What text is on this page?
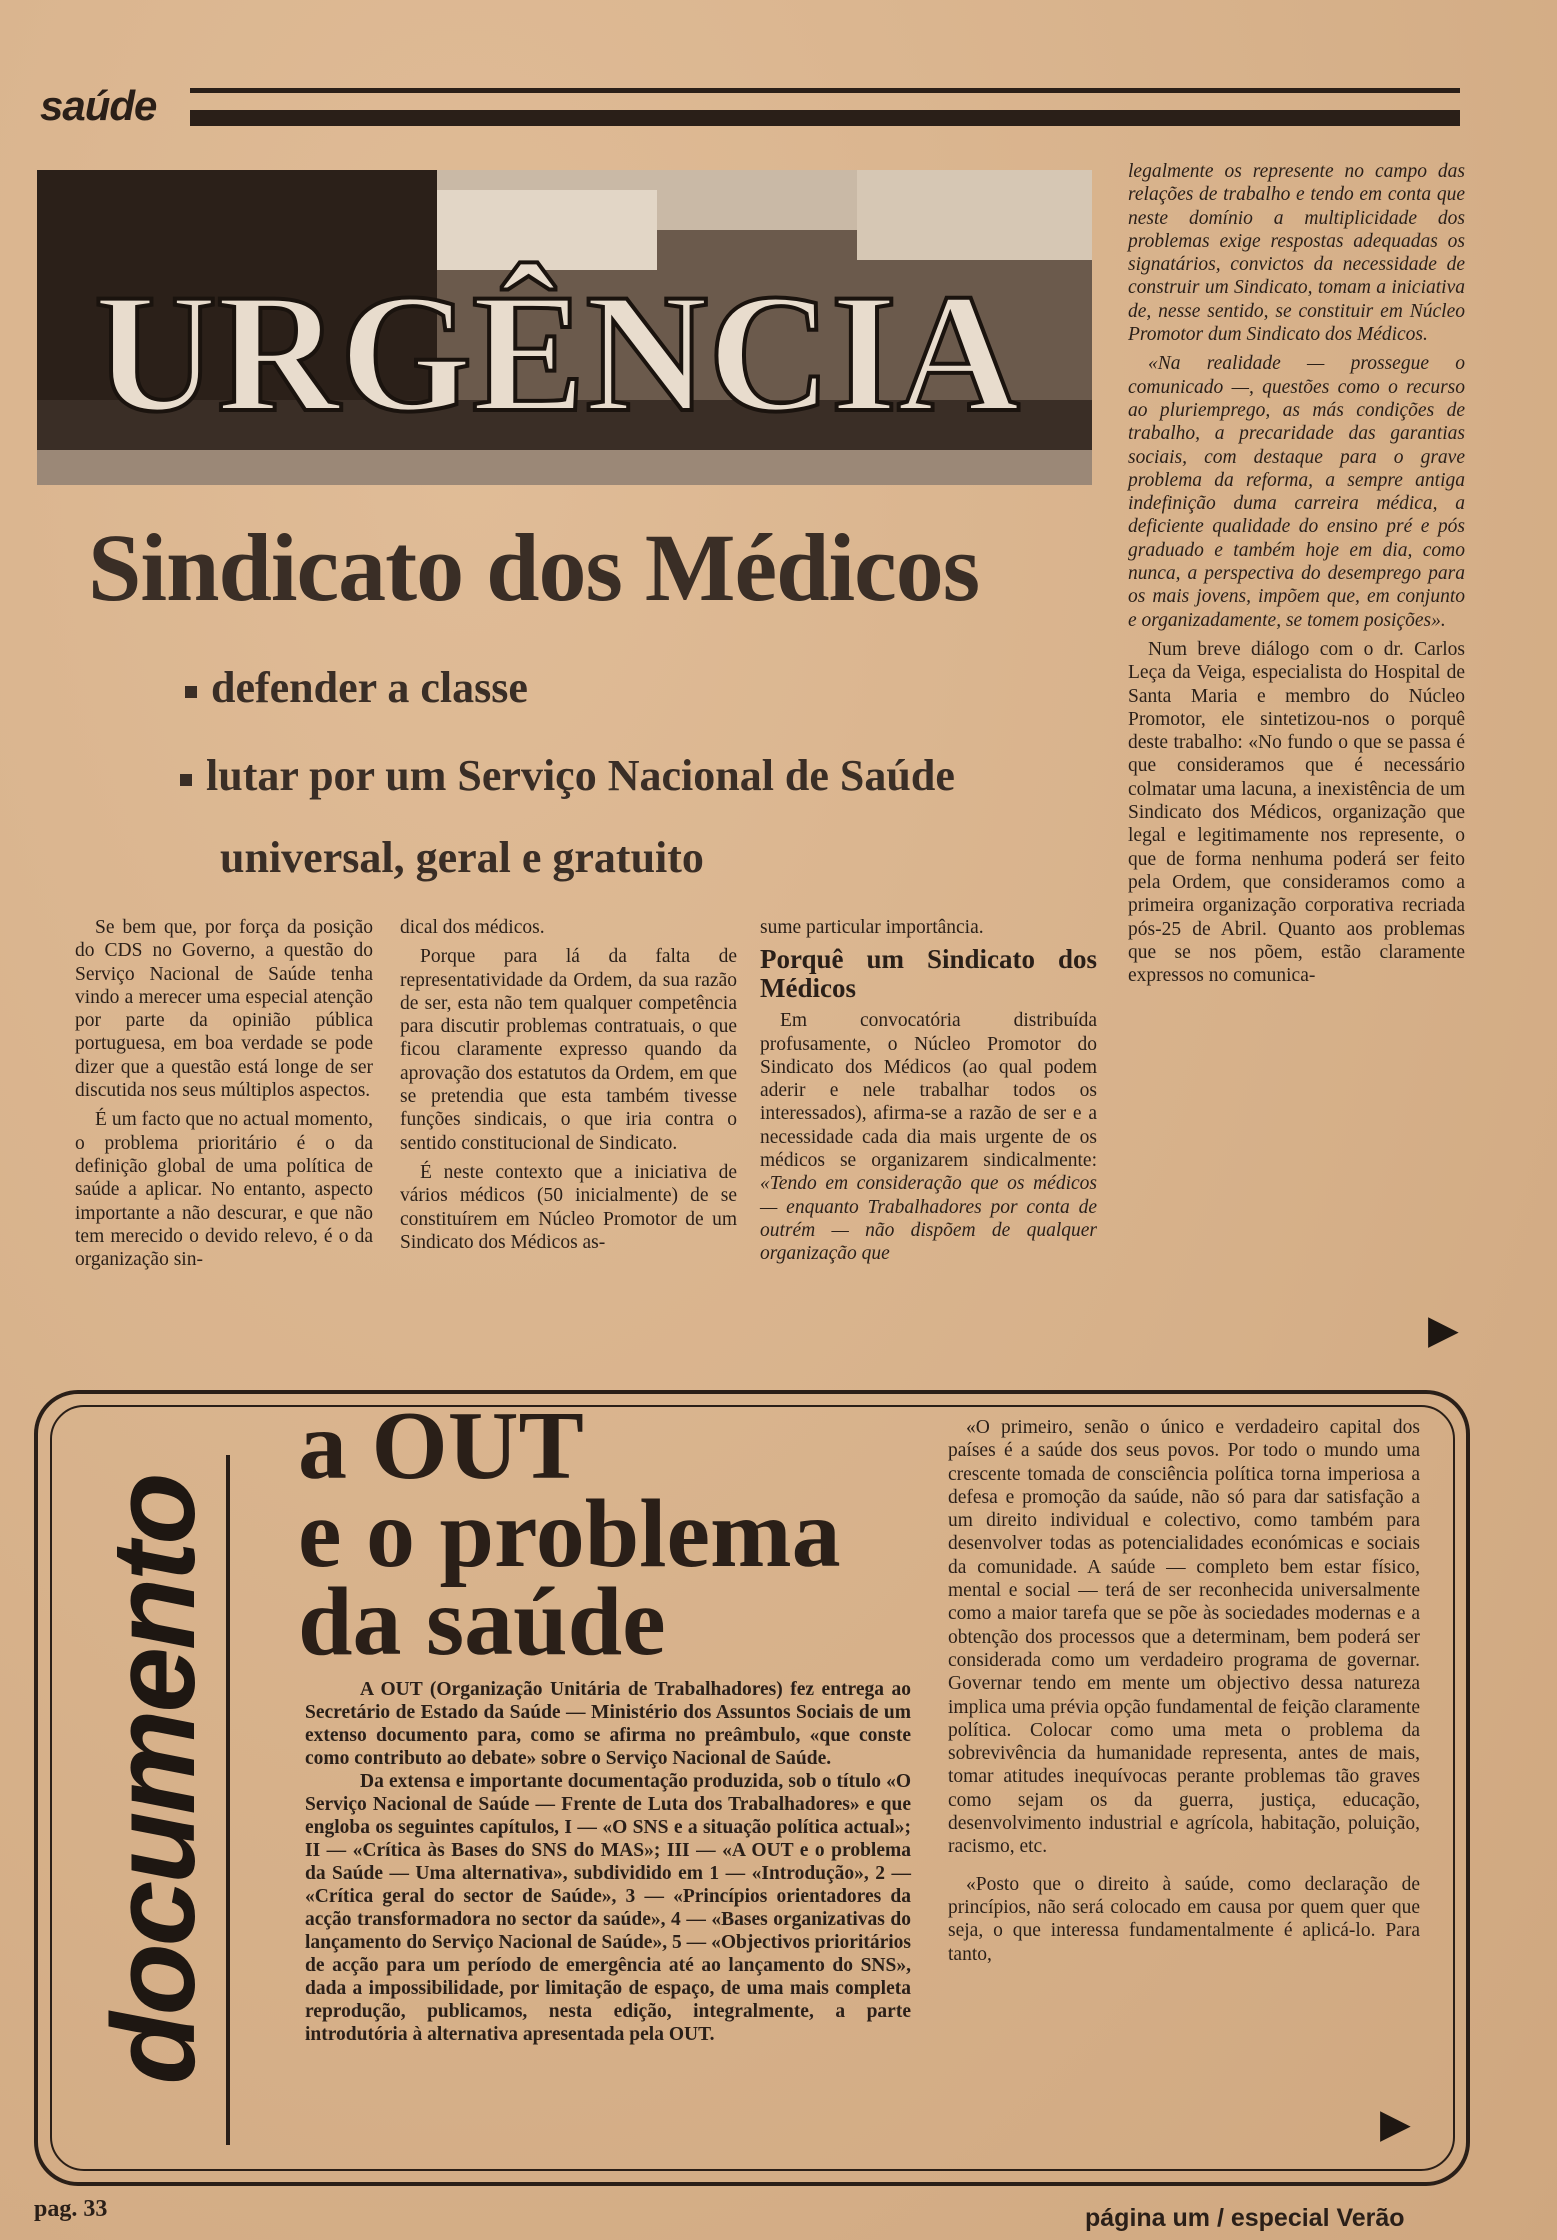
saúde
URGÊNCIA
Sindicato dos Médicos
defender a classe
lutar por um Serviço Nacional de Saúde
universal, geral e gratuito

Se bem que, por força da posição do CDS no Governo, a questão do Serviço Nacional de Saúde tenha vindo a merecer uma especial atenção por parte da opinião pública portuguesa, em boa verdade se pode dizer que a questão está longe de ser discutida nos seus múltiplos aspectos.

É um facto que no actual momento, o problema prioritário é o da definição global de uma política de saúde a aplicar. No entanto, aspecto importante a não descurar, e que não tem merecido o devido relevo, é o da organização sin-

dical dos médicos.

Porque para lá da falta de representatividade da Ordem, da sua razão de ser, esta não tem qualquer competência para discutir problemas contratuais, o que ficou claramente expresso quando da aprovação dos estatutos da Ordem, em que se pretendia que esta também tivesse funções sindicais, o que iria contra o sentido constitucional de Sindicato.

É neste contexto que a iniciativa de vários médicos (50 inicialmente) de se constituírem em Núcleo Promotor de um Sindicato dos Médicos as-

sume particular importância.

Porquê um Sindicato dos Médicos

Em convocatória distribuída profusamente, o Núcleo Promotor do Sindicato dos Médicos (ao qual podem aderir e nele trabalhar todos os interessados), afirma-se a razão de ser e a necessidade cada dia mais urgente de os médicos se organizarem sindicalmente: «Tendo em consideração que os médicos — enquanto Trabalhadores por conta de outrém — não dispõem de qualquer organização que

legalmente os represente no campo das relações de trabalho e tendo em conta que neste domínio a multiplicidade dos problemas exige respostas adequadas os signatários, convictos da necessidade de construir um Sindicato, tomam a iniciativa de, nesse sentido, se constituir em Núcleo Promotor dum Sindicato dos Médicos.

«Na realidade — prossegue o comunicado —, questões como o recurso ao pluriemprego, as más condições de trabalho, a precaridade das garantias sociais, com destaque para o grave problema da reforma, a sempre antiga indefinição duma carreira médica, a deficiente qualidade do ensino pré e pós graduado e também hoje em dia, como nunca, a perspectiva do desemprego para os mais jovens, impõem que, em conjunto e organizadamente, se tomem posições».

Num breve diálogo com o dr. Carlos Leça da Veiga, especialista do Hospital de Santa Maria e membro do Núcleo Promotor, ele sintetizou-nos o porquê deste trabalho: «No fundo o que se passa é que consideramos que é necessário colmatar uma lacuna, a inexistência de um Sindicato dos Médicos, organização que legal e legitimamente nos represente, o que de forma nenhuma poderá ser feito pela Ordem, que consideramos como a primeira organização corporativa recriada pós-25 de Abril. Quanto aos problemas que se nos põem, estão claramente expressos no comunica-

▶
documento
a OUT
e o problema
da saúde

A OUT (Organização Unitária de Trabalhadores) fez entrega ao Secretário de Estado da Saúde — Ministério dos Assuntos Sociais de um extenso documento para, como se afirma no preâmbulo, «que conste como contributo ao debate» sobre o Serviço Nacional de Saúde.

Da extensa e importante documentação produzida, sob o título «O Serviço Nacional de Saúde — Frente de Luta dos Trabalhadores» e que engloba os seguintes capítulos, I — «O SNS e a situação política actual»; II — «Crítica às Bases do SNS do MAS»; III — «A OUT e o problema da Saúde — Uma alternativa», subdividido em 1 — «Introdução», 2 — «Crítica geral do sector de Saúde», 3 — «Princípios orientadores da acção transformadora no sector da saúde», 4 — «Bases organizativas do lançamento do Serviço Nacional de Saúde», 5 — «Objectivos prioritários de acção para um período de emergência até ao lançamento do SNS», dada a impossibilidade, por limitação de espaço, de uma mais completa reprodução, publicamos, nesta edição, integralmente, a parte introdutória à alternativa apresentada pela OUT.

«O primeiro, senão o único e verdadeiro capital dos países é a saúde dos seus povos. Por todo o mundo uma crescente tomada de consciência política torna imperiosa a defesa e promoção da saúde, não só para dar satisfação a um direito individual e colectivo, como também para desenvolver todas as potencialidades económicas e sociais da comunidade. A saúde — completo bem estar físico, mental e social — terá de ser reconhecida universalmente como a maior tarefa que se põe às sociedades modernas e a obtenção dos processos que a determinam, bem poderá ser considerada como um verdadeiro programa de governar. Governar tendo em mente um objectivo dessa natureza implica uma prévia opção fundamental de feição claramente política. Colocar como uma meta o problema da sobrevivência da humanidade representa, antes de mais, tomar atitudes inequívocas perante problemas tão graves como sejam os da guerra, justiça, educação, desenvolvimento industrial e agrícola, habitação, poluição, racismo, etc.

«Posto que o direito à saúde, como declaração de princípios, não será colocado em causa por quem quer que seja, o que interessa fundamentalmente é aplicá-lo. Para tanto,

▶
pag. 33	página um / especial Verão
